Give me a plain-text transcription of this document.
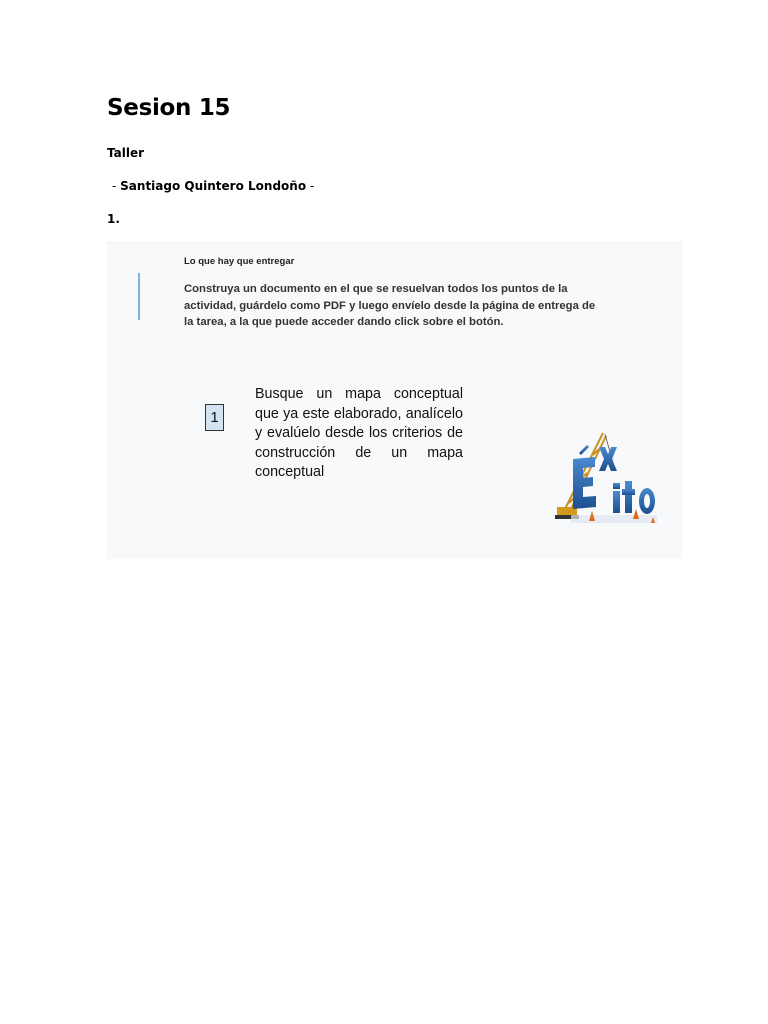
Sesion 15
Taller
- Santiago Quintero Londoño -
1.
Lo que hay que entregar
Construya un documento en el que se resuelvan todos los puntos de la actividad, guárdelo como PDF y luego envíelo desde la página de entrega de la tarea, a la que puede acceder dando click sobre el botón.
1
Busque un mapa conceptual que ya este elaborado, analícelo y evalúelo desde los criterios de construcción de un mapa conceptual
